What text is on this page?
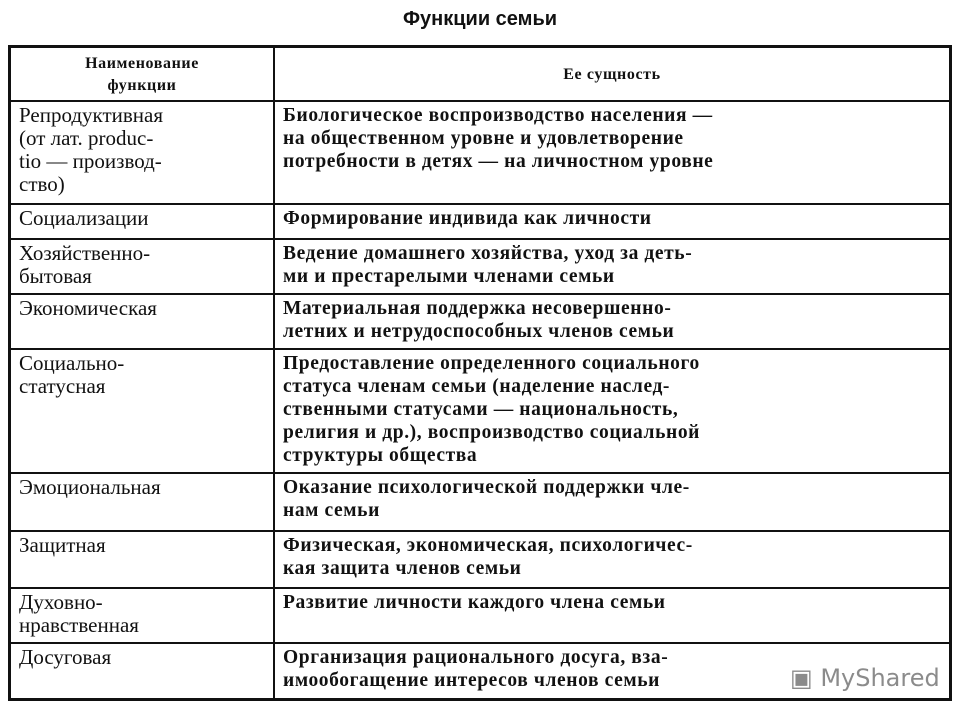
Функции семьи
Наименование
функции	Ее сущность
Репродуктивная
(от лат. produc-
tio — производ-
ство)	Биологическое воспроизводство населения —
на общественном уровне и удовлетворение
потребности в детях — на личностном уровне
Социализации	Формирование индивида как личности
Хозяйственно-
бытовая	Ведение домашнего хозяйства, уход за деть-
ми и престарелыми членами семьи
Экономическая	Материальная поддержка несовершенно-
летних и нетрудоспособных членов семьи
Социально-
статусная	Предоставление определенного социального
статуса членам семьи (наделение наслед-
ственными статусами — национальность,
религия и др.), воспроизводство социальной
структуры общества
Эмоциональная	Оказание психологической поддержки чле-
нам семьи
Защитная	Физическая, экономическая, психологичес-
кая защита членов семьи
Духовно-
нравственная	Развитие личности каждого члена семьи
Досуговая	Организация рационального досуга, вза-
имообогащение интересов членов семьи	▣ MyShared
